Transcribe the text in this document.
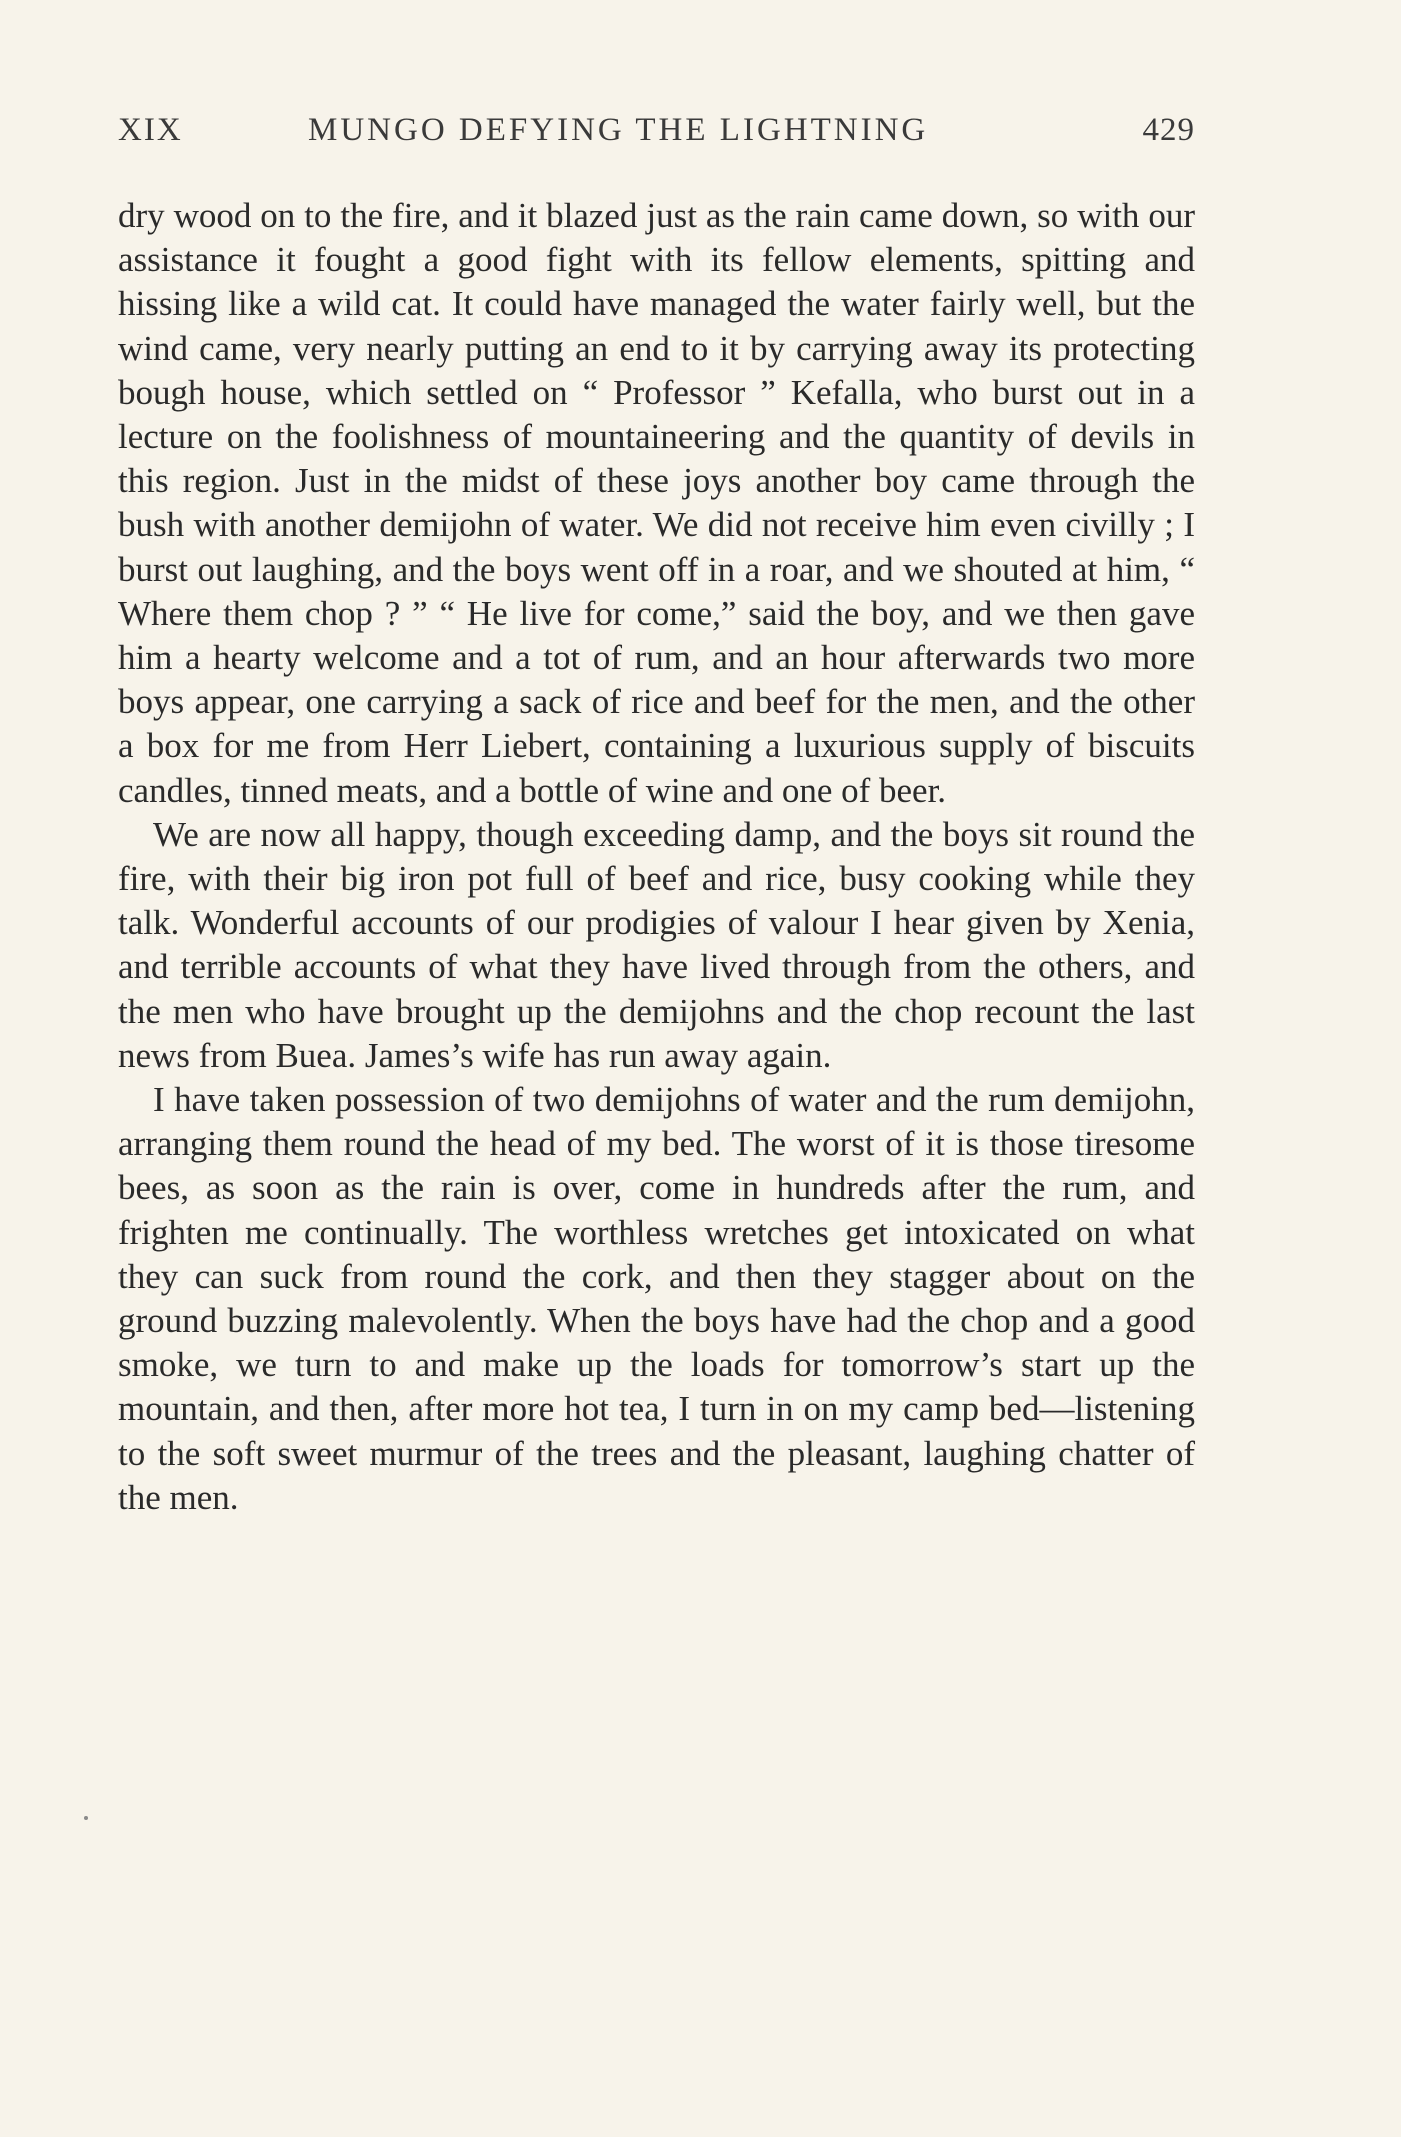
XIX	MUNGO DEFYING THE LIGHTNING	429

dry wood on to the fire, and it blazed just as the rain came down, so with our assistance it fought a good fight with its fellow elements, spitting and hissing like a wild cat. It could have managed the water fairly well, but the wind came, very nearly putting an end to it by carrying away its protecting bough house, which settled on “ Professor ” Kefalla, who burst out in a lecture on the foolishness of mountaineering and the quantity of devils in this region. Just in the midst of these joys another boy came through the bush with another demijohn of water. We did not receive him even civilly ; I burst out laughing, and the boys went off in a roar, and we shouted at him, “ Where them chop ? ” “ He live for come,” said the boy, and we then gave him a hearty welcome and a tot of rum, and an hour afterwards two more boys appear, one carrying a sack of rice and beef for the men, and the other a box for me from Herr Liebert, containing a luxurious supply of biscuits candles, tinned meats, and a bottle of wine and one of beer.

We are now all happy, though exceeding damp, and the boys sit round the fire, with their big iron pot full of beef and rice, busy cooking while they talk. Wonderful accounts of our prodigies of valour I hear given by Xenia, and terrible accounts of what they have lived through from the others, and the men who have brought up the demijohns and the chop recount the last news from Buea. James’s wife has run away again.

I have taken possession of two demijohns of water and the rum demijohn, arranging them round the head of my bed. The worst of it is those tiresome bees, as soon as the rain is over, come in hundreds after the rum, and frighten me continually. The worthless wretches get intoxicated on what they can suck from round the cork, and then they stagger about on the ground buzzing malevolently. When the boys have had the chop and a good smoke, we turn to and make up the loads for tomorrow’s start up the mountain, and then, after more hot tea, I turn in on my camp bed—listening to the soft sweet murmur of the trees and the pleasant, laughing chatter of the men.
